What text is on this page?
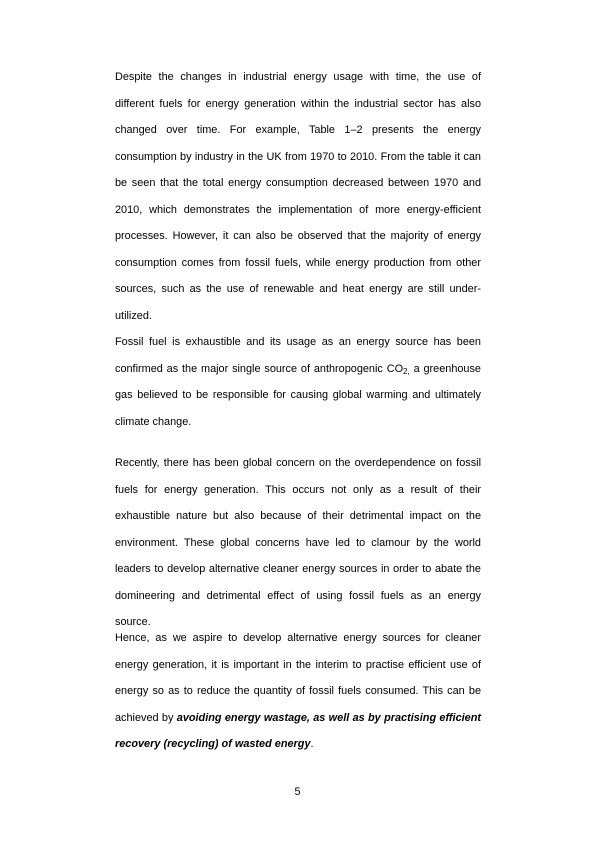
Despite the changes in industrial energy usage with time, the use of different fuels for energy generation within the industrial sector has also changed over time. For example, Table 1–2 presents the energy consumption by industry in the UK from 1970 to 2010. From the table it can be seen that the total energy consumption decreased between 1970 and 2010, which demonstrates the implementation of more energy-efficient processes. However, it can also be observed that the majority of energy consumption comes from fossil fuels, while energy production from other sources, such as the use of renewable and heat energy are still under-utilized.

Fossil fuel is exhaustible and its usage as an energy source has been confirmed as the major single source of anthropogenic $CO_{2,}$ a greenhouse gas believed to be responsible for causing global warming and ultimately climate change.

Recently, there has been global concern on the overdependence on fossil fuels for energy generation. This occurs not only as a result of their exhaustible nature but also because of their detrimental impact on the environment. These global concerns have led to clamour by the world leaders to develop alternative cleaner energy sources in order to abate the domineering and detrimental effect of using fossil fuels as an energy source.

Hence, as we aspire to develop alternative energy sources for cleaner energy generation, it is important in the interim to practise efficient use of energy so as to reduce the quantity of fossil fuels consumed. This can be achieved by avoiding energy wastage, as well as by practising efficient recovery (recycling) of wasted energy.

5
